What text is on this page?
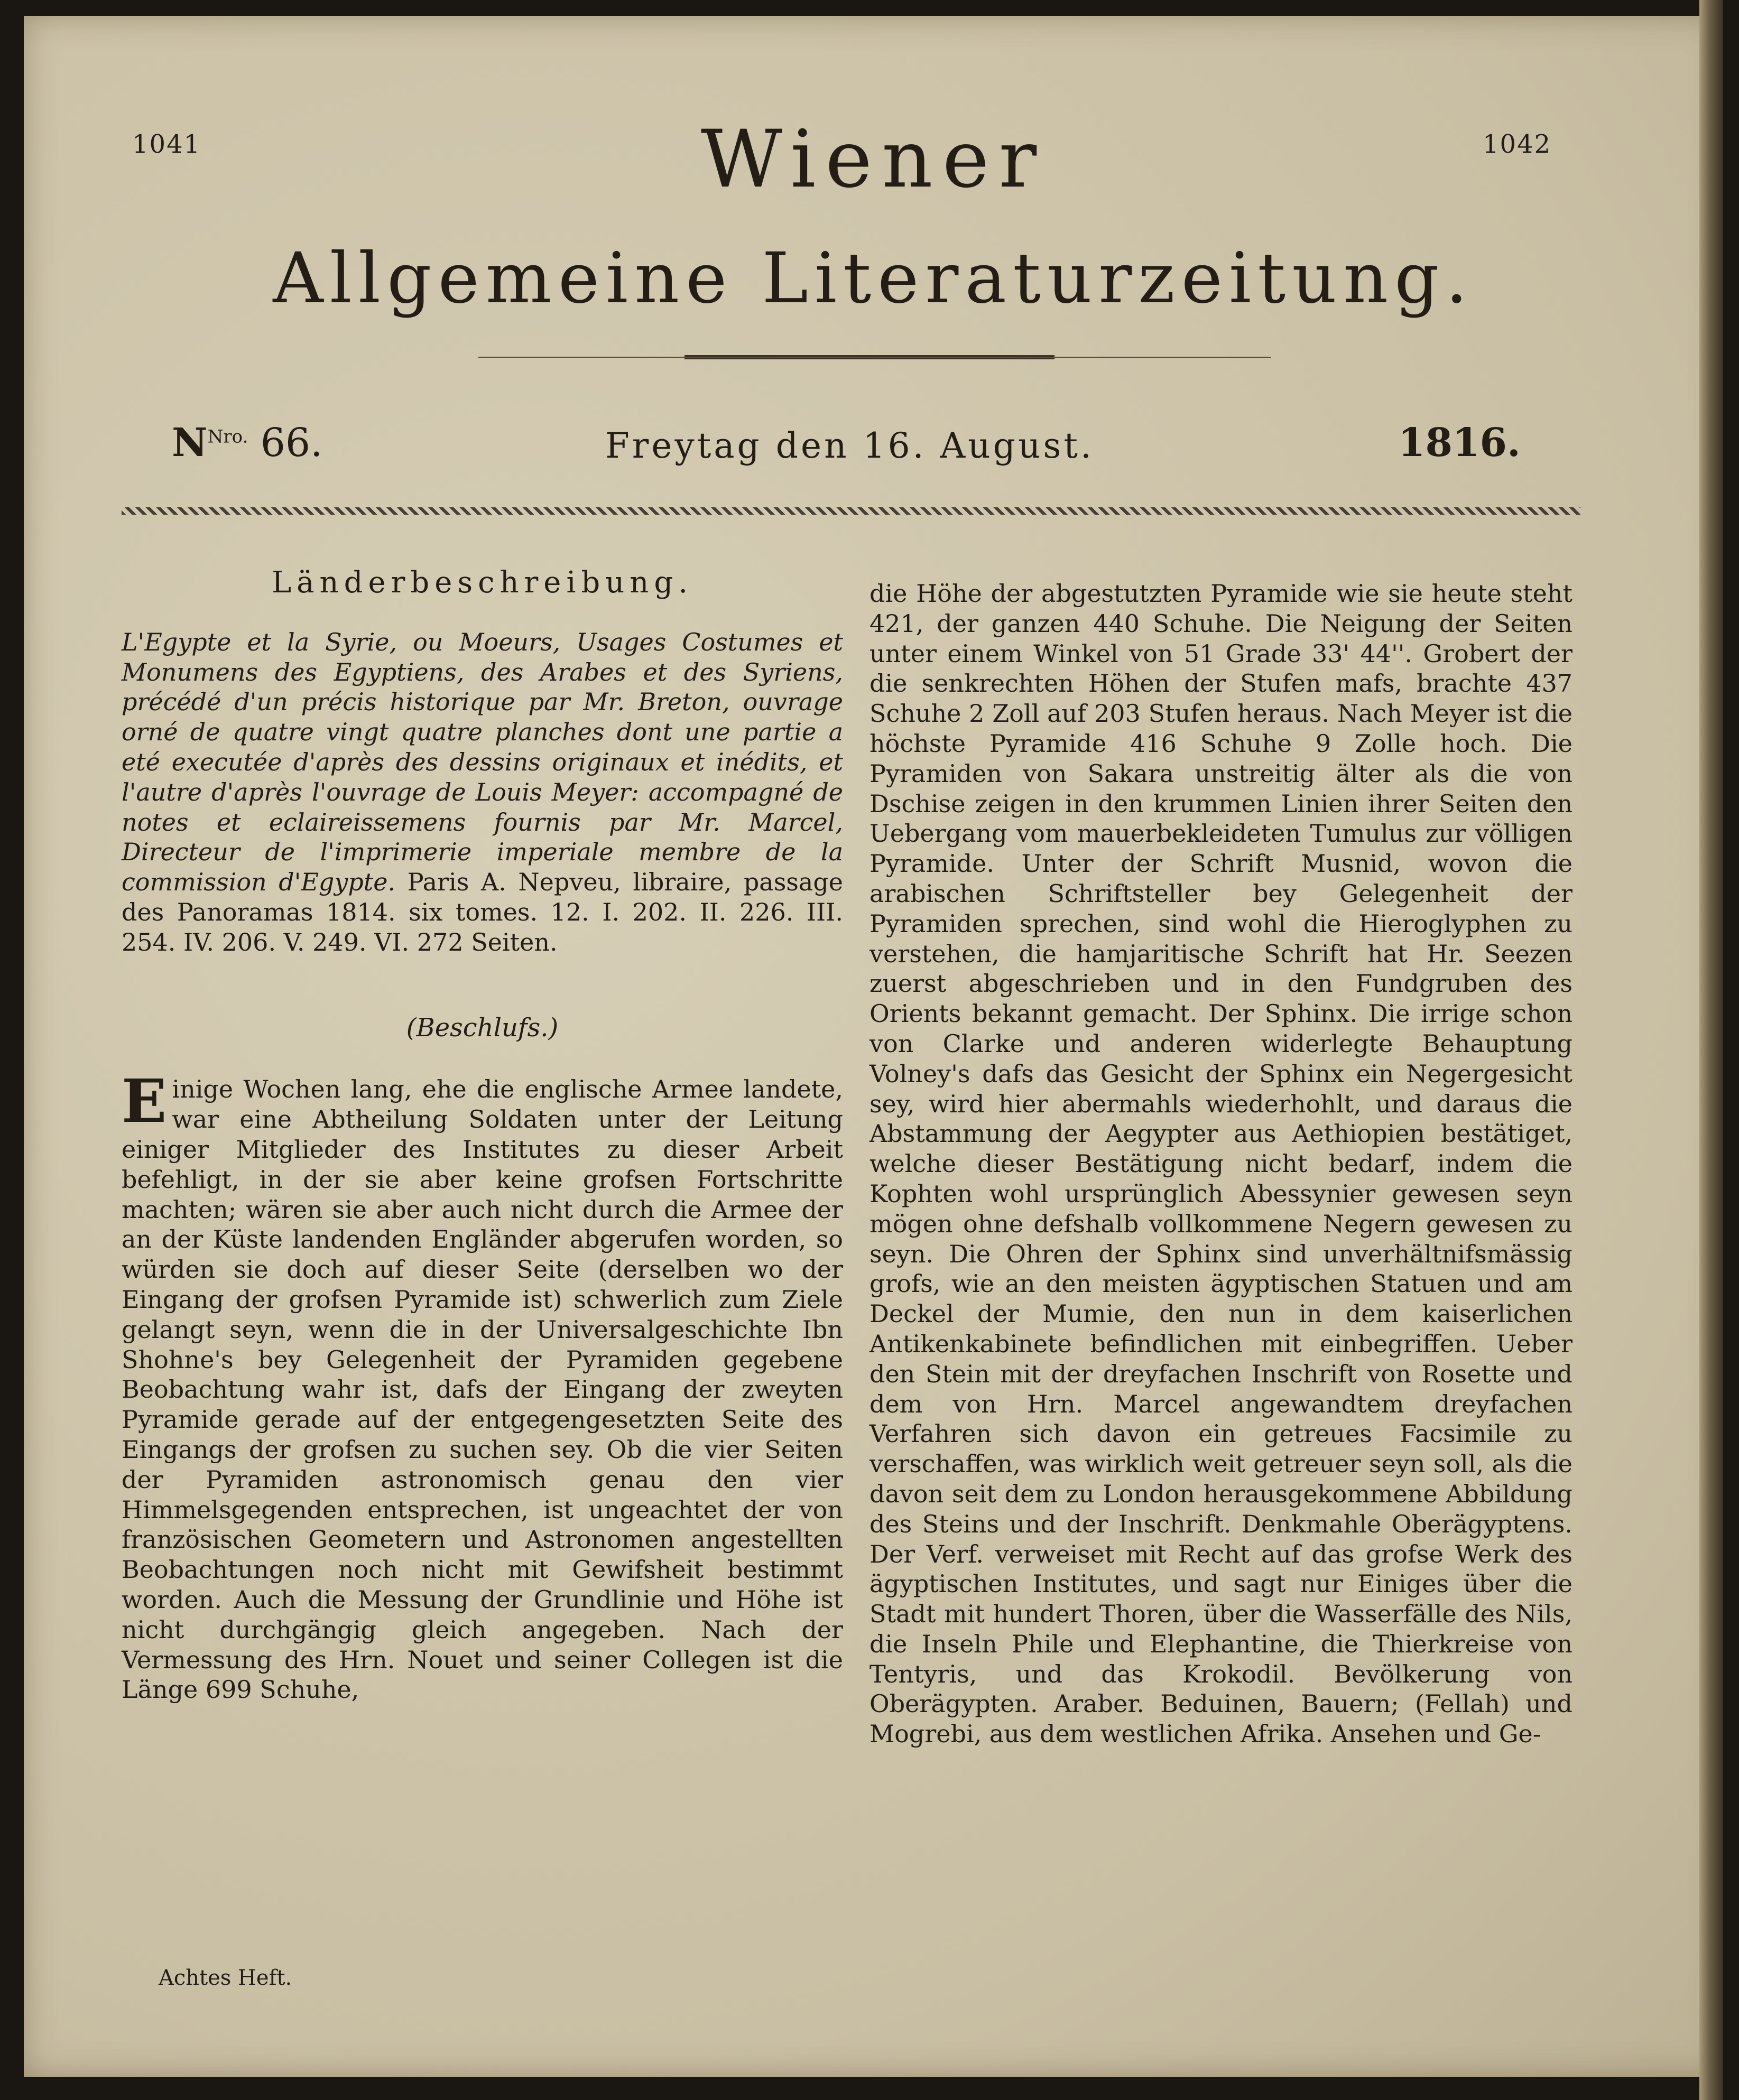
1041	1042
Wiener
Allgemeine Literaturzeitung.
$N^{Nro.}$ 66.	Freytag den 16. August.	1816.
Länderbeschreibung.

L'Egypte et la Syrie, ou Moeurs, Usages Costumes et Monumens des Egyptiens, des Arabes et des Syriens, précédé d'un précis historique par Mr. Breton, ouvrage orné de quatre vingt quatre planches dont une partie a eté executée d'après des dessins originaux et inédits, et l'autre d'après l'ouvrage de Louis Meyer: accompagné de notes et eclaireissemens fournis par Mr. Marcel, Directeur de l'imprimerie imperiale membre de la commission d'Egypte. Paris A. Nepveu, libraire, passage des Panoramas 1814. six tomes. 12. I. 202. II. 226. III. 254. IV. 206. V. 249. VI. 272 Seiten.

(Beschlufs.)

Einige Wochen lang, ehe die englische Armee landete, war eine Abtheilung Soldaten unter der Leitung einiger Mitglieder des Institutes zu dieser Arbeit befehligt, in der sie aber keine grofsen Fortschritte machten; wären sie aber auch nicht durch die Armee der an der Küste landenden Engländer abgerufen worden, so würden sie doch auf dieser Seite (derselben wo der Eingang der grofsen Pyramide ist) schwerlich zum Ziele gelangt seyn, wenn die in der Universalgeschichte Ibn Shohne's bey Gelegenheit der Pyramiden gegebene Beobachtung wahr ist, dafs der Eingang der zweyten Pyramide gerade auf der entgegengesetzten Seite des Eingangs der grofsen zu suchen sey. Ob die vier Seiten der Pyramiden astronomisch genau den vier Himmelsgegenden entsprechen, ist ungeachtet der von französischen Geometern und Astronomen angestellten Beobachtungen noch nicht mit Gewifsheit bestimmt worden. Auch die Messung der Grundlinie und Höhe ist nicht durchgängig gleich angegeben. Nach der Vermessung des Hrn. Nouet und seiner Collegen ist die Länge 699 Schuhe,

die Höhe der abgestutzten Pyramide wie sie heute steht 421, der ganzen 440 Schuhe. Die Neigung der Seiten unter einem Winkel von 51 Grade 33' 44''. Grobert der die senkrechten Höhen der Stufen mafs, brachte 437 Schuhe 2 Zoll auf 203 Stufen heraus. Nach Meyer ist die höchste Pyramide 416 Schuhe 9 Zolle hoch. Die Pyramiden von Sakara unstreitig älter als die von Dschise zeigen in den krummen Linien ihrer Seiten den Uebergang vom mauerbekleideten Tumulus zur völligen Pyramide. Unter der Schrift Musnid, wovon die arabischen Schriftsteller bey Gelegenheit der Pyramiden sprechen, sind wohl die Hieroglyphen zu verstehen, die hamjaritische Schrift hat Hr. Seezen zuerst abgeschrieben und in den Fundgruben des Orients bekannt gemacht. Der Sphinx. Die irrige schon von Clarke und anderen widerlegte Behauptung Volney's dafs das Gesicht der Sphinx ein Negergesicht sey, wird hier abermahls wiederhohlt, und daraus die Abstammung der Aegypter aus Aethiopien bestätiget, welche dieser Bestätigung nicht bedarf, indem die Kophten wohl ursprünglich Abessynier gewesen seyn mögen ohne defshalb vollkommene Negern gewesen zu seyn. Die Ohren der Sphinx sind unverhältnifsmässig grofs, wie an den meisten ägyptischen Statuen und am Deckel der Mumie, den nun in dem kaiserlichen Antikenkabinete befindlichen mit einbegriffen. Ueber den Stein mit der dreyfachen Inschrift von Rosette und dem von Hrn. Marcel angewandtem dreyfachen Verfahren sich davon ein getreues Facsimile zu verschaffen, was wirklich weit getreuer seyn soll, als die davon seit dem zu London herausgekommene Abbildung des Steins und der Inschrift. Denkmahle Oberägyptens. Der Verf. verweiset mit Recht auf das grofse Werk des ägyptischen Institutes, und sagt nur Einiges über die Stadt mit hundert Thoren, über die Wasserfälle des Nils, die Inseln Phile und Elephantine, die Thierkreise von Tentyris, und das Krokodil. Bevölkerung von Oberägypten. Araber. Beduinen, Bauern; (Fellah) und Mogrebi, aus dem westlichen Afrika. Ansehen und Ge-

Achtes Heft.
